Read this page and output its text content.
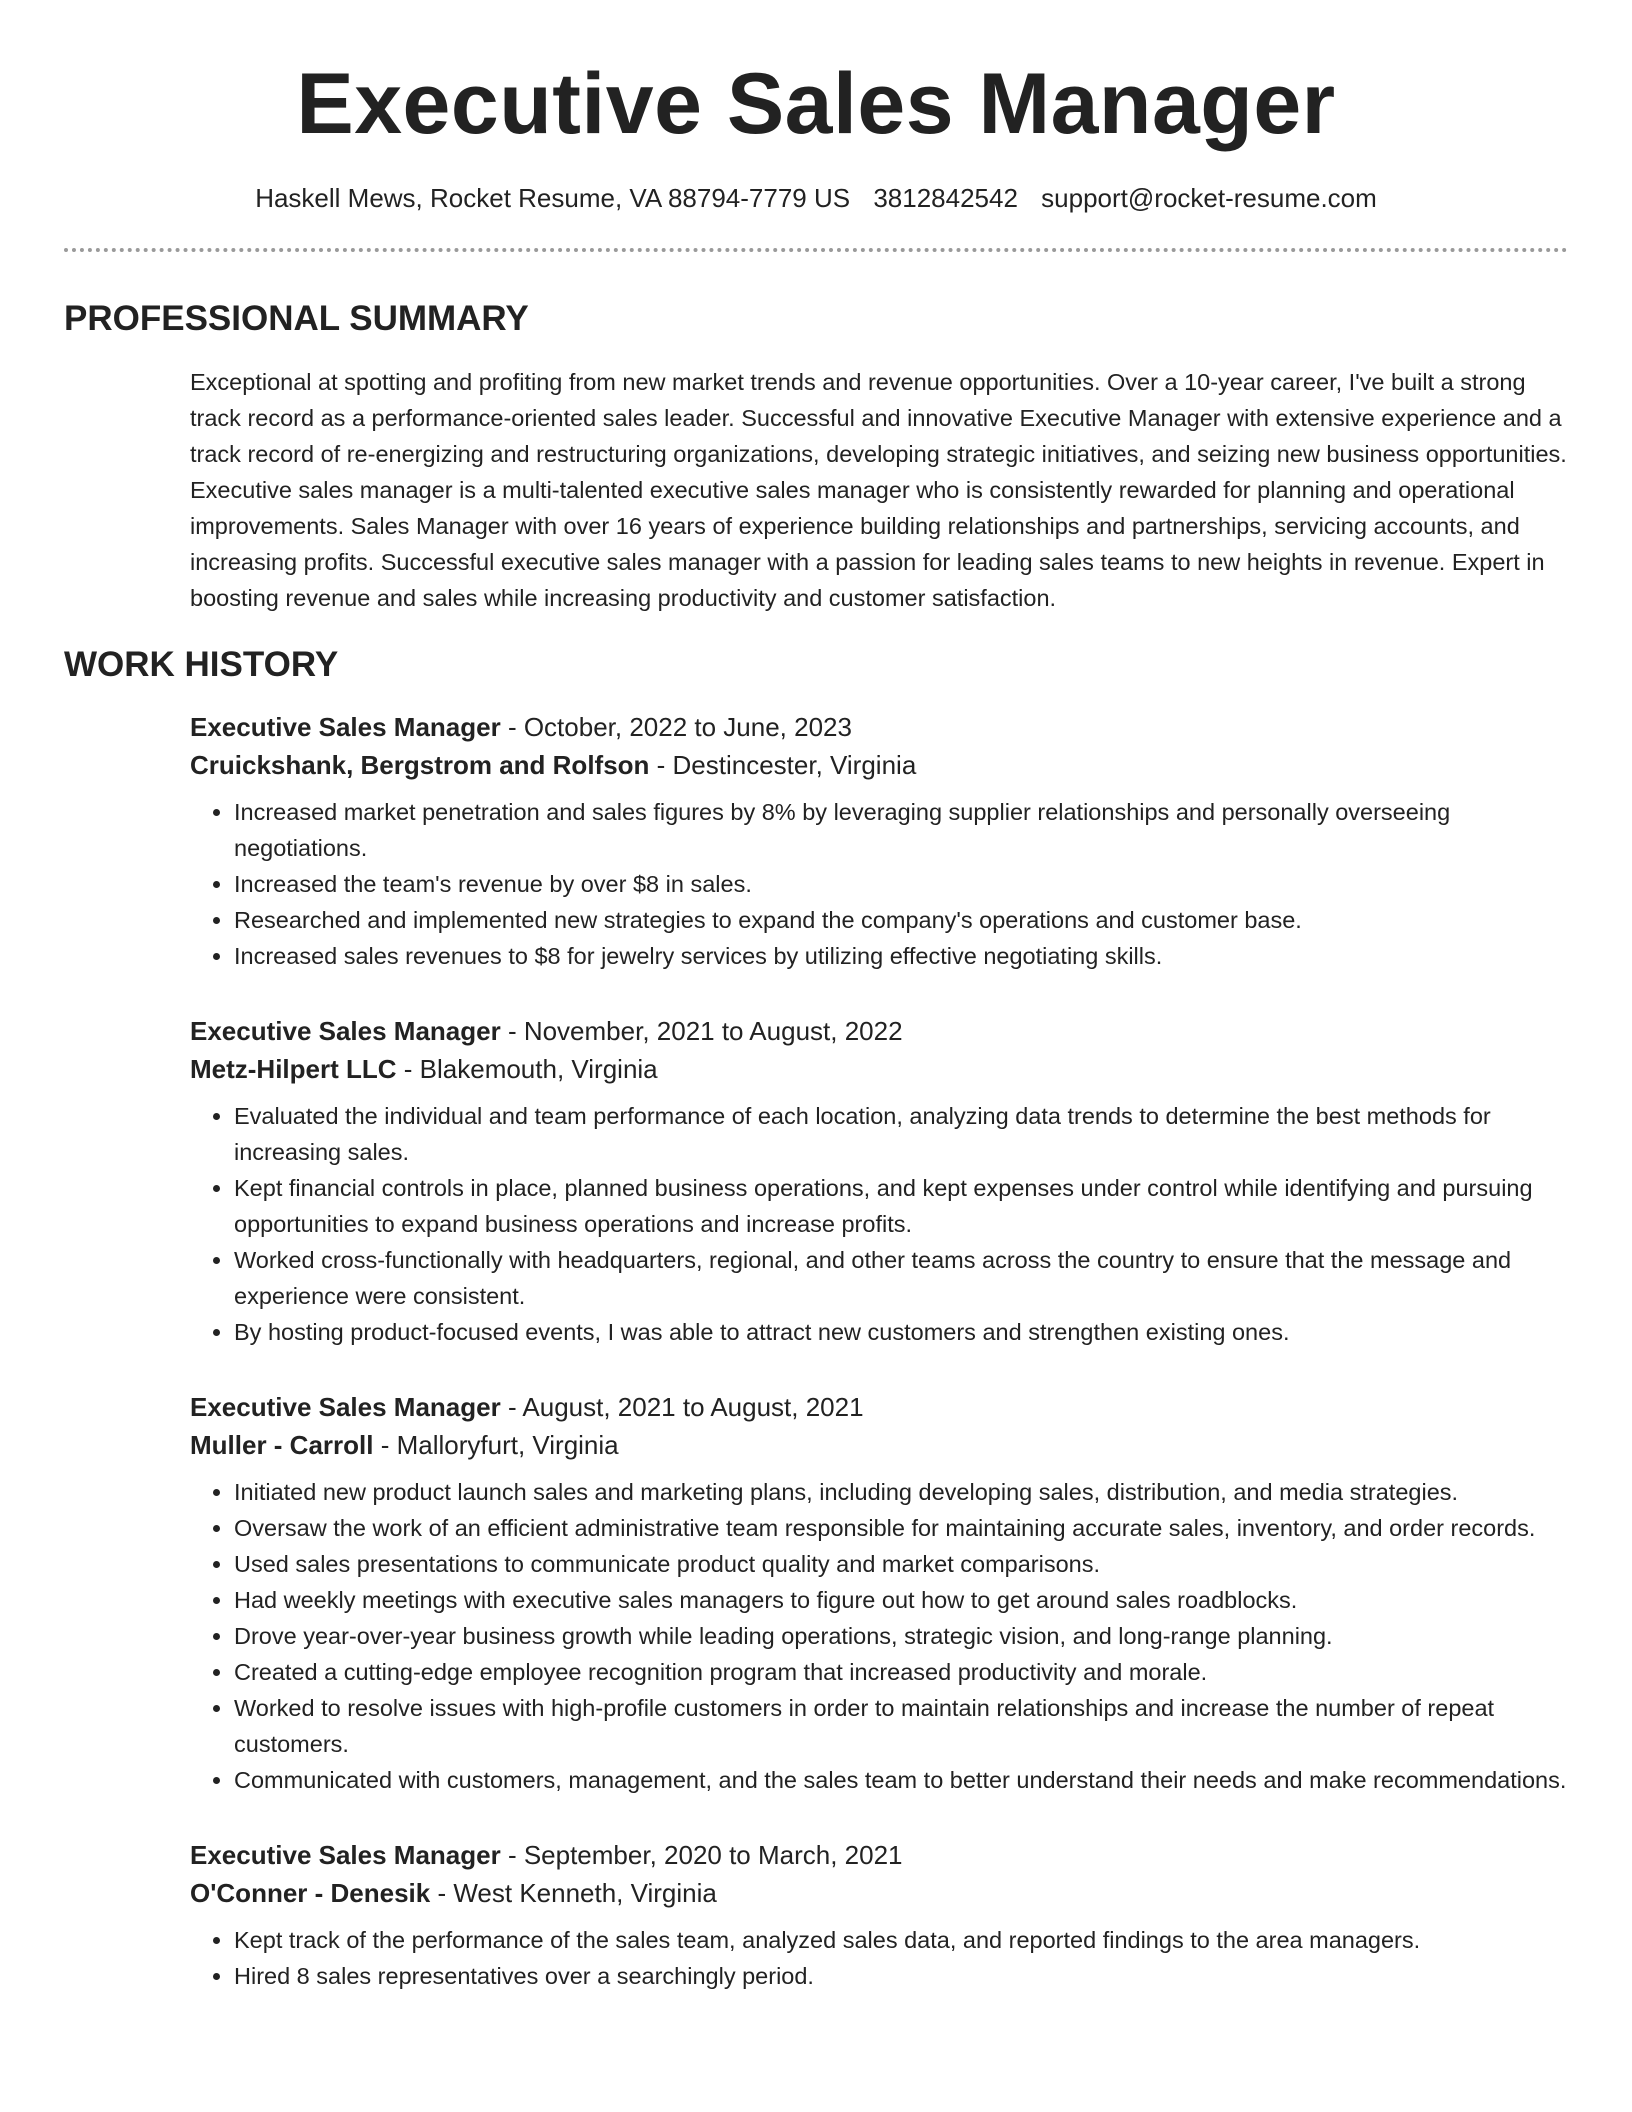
Executive Sales Manager
Haskell Mews, Rocket Resume, VA 88794-7779 US 3812842542 support@rocket-resume.com
PROFESSIONAL SUMMARY

Exceptional at spotting and profiting from new market trends and revenue opportunities. Over a 10-year career, I've built a strong track record as a performance-oriented sales leader. Successful and innovative Executive Manager with extensive experience and a track record of re-energizing and restructuring organizations, developing strategic initiatives, and seizing new business opportunities. Executive sales manager is a multi-talented executive sales manager who is consistently rewarded for planning and operational improvements. Sales Manager with over 16 years of experience building relationships and partnerships, servicing accounts, and increasing profits. Successful executive sales manager with a passion for leading sales teams to new heights in revenue. Expert in boosting revenue and sales while increasing productivity and customer satisfaction.

WORK HISTORY
Executive Sales Manager - October, 2022 to June, 2023
Cruickshank, Bergstrom and Rolfson - Destincester, Virginia
• Increased market penetration and sales figures by 8% by leveraging supplier relationships and personally overseeing negotiations.
• Increased the team's revenue by over $8 in sales.
• Researched and implemented new strategies to expand the company's operations and customer base.
• Increased sales revenues to $8 for jewelry services by utilizing effective negotiating skills.
Executive Sales Manager - November, 2021 to August, 2022
Metz-Hilpert LLC - Blakemouth, Virginia
• Evaluated the individual and team performance of each location, analyzing data trends to determine the best methods for increasing sales.
• Kept financial controls in place, planned business operations, and kept expenses under control while identifying and pursuing opportunities to expand business operations and increase profits.
• Worked cross-functionally with headquarters, regional, and other teams across the country to ensure that the message and experience were consistent.
• By hosting product-focused events, I was able to attract new customers and strengthen existing ones.
Executive Sales Manager - August, 2021 to August, 2021
Muller - Carroll - Malloryfurt, Virginia
• Initiated new product launch sales and marketing plans, including developing sales, distribution, and media strategies.
• Oversaw the work of an efficient administrative team responsible for maintaining accurate sales, inventory, and order records.
• Used sales presentations to communicate product quality and market comparisons.
• Had weekly meetings with executive sales managers to figure out how to get around sales roadblocks.
• Drove year-over-year business growth while leading operations, strategic vision, and long-range planning.
• Created a cutting-edge employee recognition program that increased productivity and morale.
• Worked to resolve issues with high-profile customers in order to maintain relationships and increase the number of repeat customers.
• Communicated with customers, management, and the sales team to better understand their needs and make recommendations.
Executive Sales Manager - September, 2020 to March, 2021
O'Conner - Denesik - West Kenneth, Virginia
• Kept track of the performance of the sales team, analyzed sales data, and reported findings to the area managers.
• Hired 8 sales representatives over a searchingly period.
